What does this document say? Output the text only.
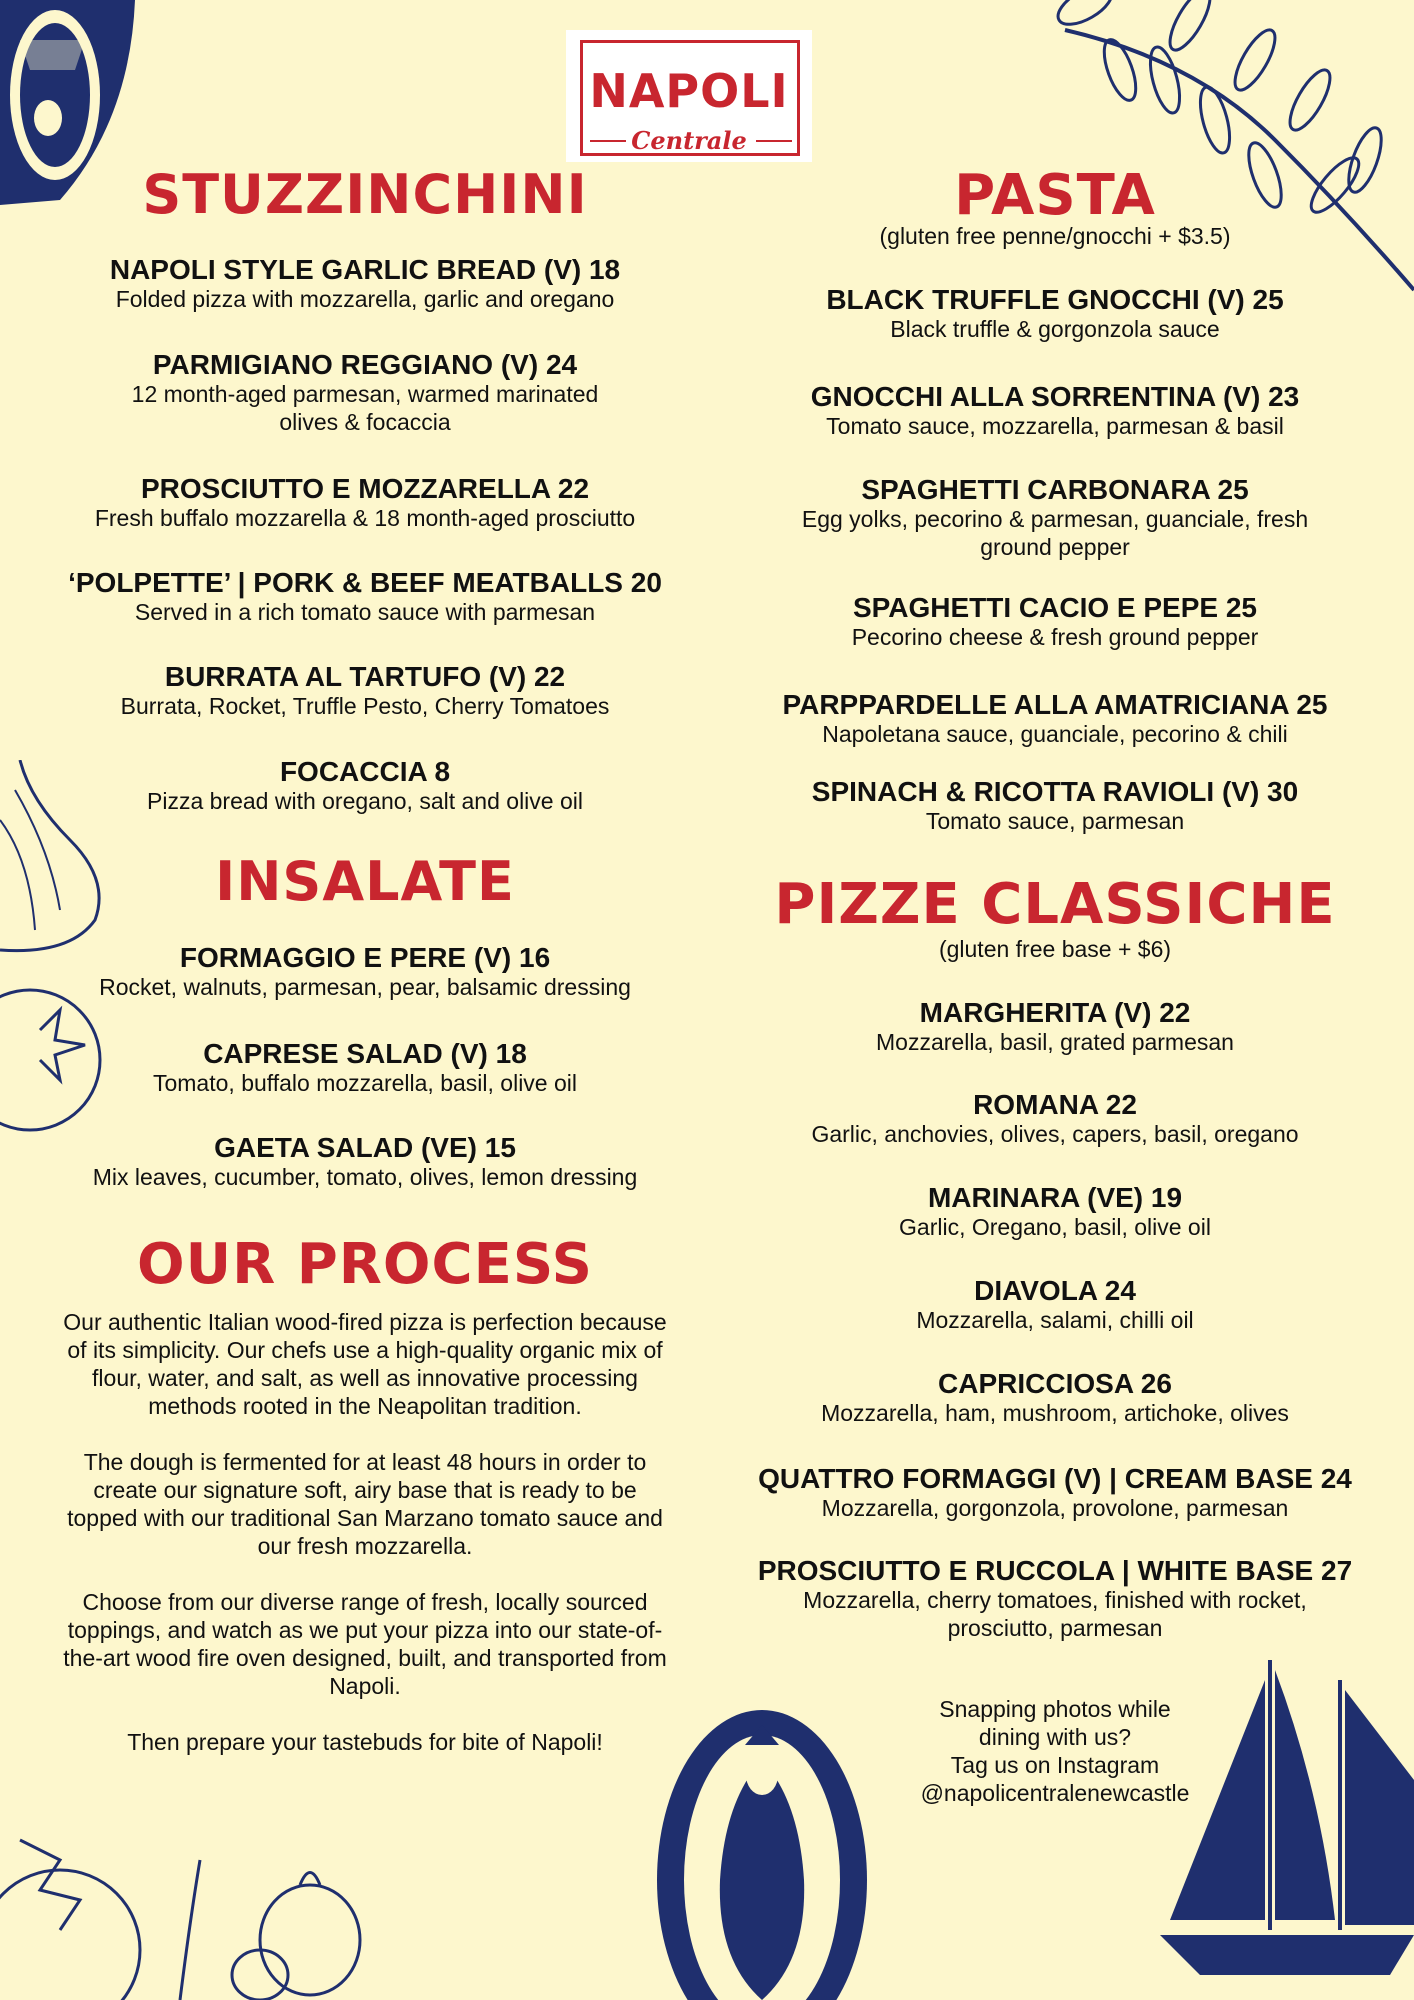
NAPOLI
Centrale
STUZZINCHINI
NAPOLI STYLE GARLIC BREAD (V) 18
Folded pizza with mozzarella, garlic and oregano
PARMIGIANO REGGIANO (V) 24
12 month-aged parmesan, warmed marinated
olives & focaccia
PROSCIUTTO E MOZZARELLA 22
Fresh buffalo mozzarella & 18 month-aged prosciutto
‘POLPETTE’ | PORK & BEEF MEATBALLS 20
Served in a rich tomato sauce with parmesan
BURRATA AL TARTUFO (V) 22
Burrata, Rocket, Truffle Pesto, Cherry Tomatoes
FOCACCIA 8
Pizza bread with oregano, salt and olive oil
INSALATE
FORMAGGIO E PERE (V) 16
Rocket, walnuts, parmesan, pear, balsamic dressing
CAPRESE SALAD (V) 18
Tomato, buffalo mozzarella, basil, olive oil
GAETA SALAD (VE) 15
Mix leaves, cucumber, tomato, olives, lemon dressing
OUR PROCESS

Our authentic Italian wood-fired pizza is perfection because of its simplicity. Our chefs use a high-quality organic mix of flour, water, and salt, as well as innovative processing methods rooted in the Neapolitan tradition.

The dough is fermented for at least 48 hours in order to create our signature soft, airy base that is ready to be topped with our traditional San Marzano tomato sauce and our fresh mozzarella.

Choose from our diverse range of fresh, locally sourced toppings, and watch as we put your pizza into our state-of-the-art wood fire oven designed, built, and transported from Napoli.

Then prepare your tastebuds for bite of Napoli!

PASTA
(gluten free penne/gnocchi + $3.5)
BLACK TRUFFLE GNOCCHI (V) 25
Black truffle & gorgonzola sauce
GNOCCHI ALLA SORRENTINA (V) 23
Tomato sauce, mozzarella, parmesan & basil
SPAGHETTI CARBONARA 25
Egg yolks, pecorino & parmesan, guanciale, fresh
ground pepper
SPAGHETTI CACIO E PEPE 25
Pecorino cheese & fresh ground pepper
PARPPARDELLE ALLA AMATRICIANA 25
Napoletana sauce, guanciale, pecorino & chili
SPINACH & RICOTTA RAVIOLI (V) 30
Tomato sauce, parmesan
PIZZE CLASSICHE
(gluten free base + $6)
MARGHERITA (V) 22
Mozzarella, basil, grated parmesan
ROMANA 22
Garlic, anchovies, olives, capers, basil, oregano
MARINARA (VE) 19
Garlic, Oregano, basil, olive oil
DIAVOLA 24
Mozzarella, salami, chilli oil
CAPRICCIOSA 26
Mozzarella, ham, mushroom, artichoke, olives
QUATTRO FORMAGGI (V) | CREAM BASE 24
Mozzarella, gorgonzola, provolone, parmesan
PROSCIUTTO E RUCCOLA | WHITE BASE 27
Mozzarella, cherry tomatoes, finished with rocket,
prosciutto, parmesan
Snapping photos while
dining with us?
Tag us on Instagram
@napolicentralenewcastle
